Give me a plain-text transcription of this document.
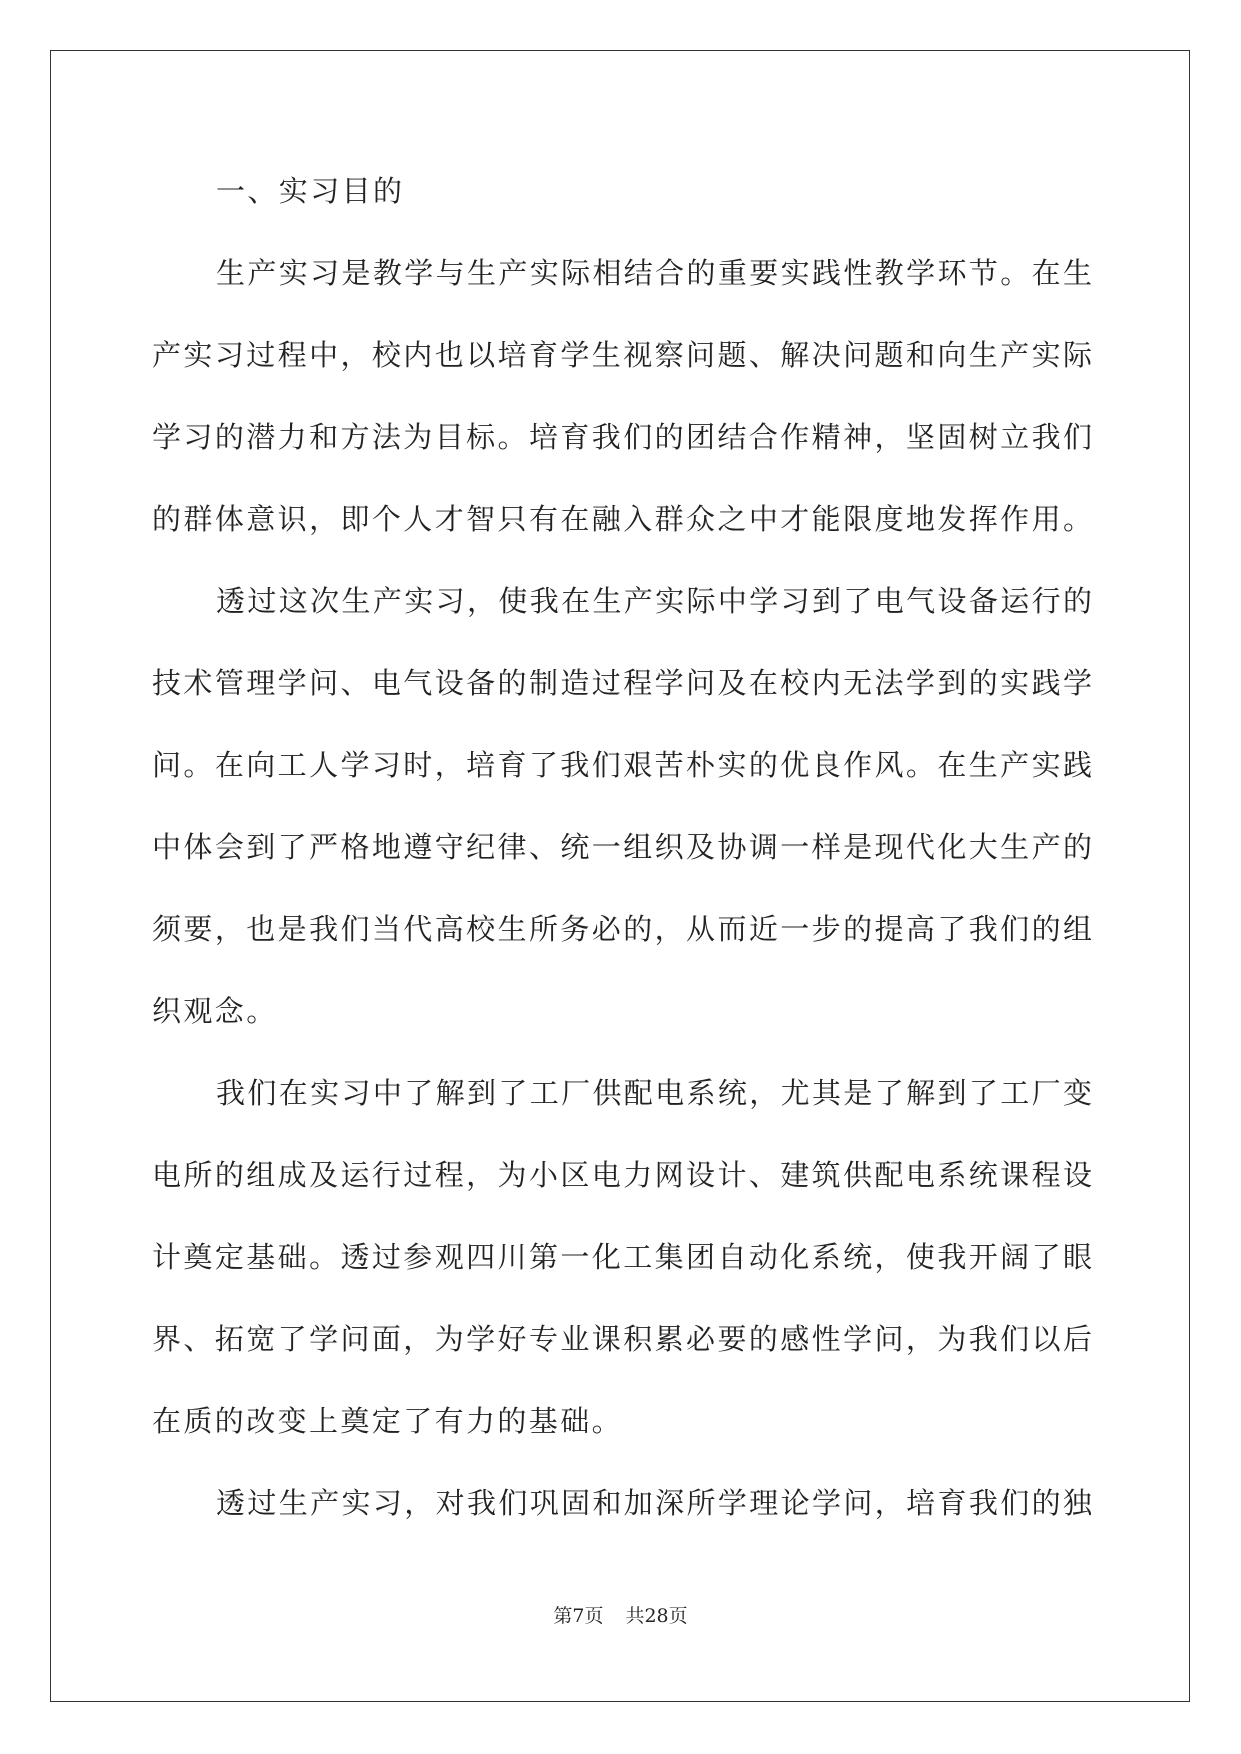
一、实习目的
生产实习是教学与生产实际相结合的重要实践性教学环节。在生
产实习过程中，校内也以培育学生视察问题、解决问题和向生产实际
学习的潜力和方法为目标。培育我们的团结合作精神，坚固树立我们
的群体意识，即个人才智只有在融入群众之中才能限度地发挥作用。
透过这次生产实习，使我在生产实际中学习到了电气设备运行的
技术管理学问、电气设备的制造过程学问及在校内无法学到的实践学
问。在向工人学习时，培育了我们艰苦朴实的优良作风。在生产实践
中体会到了严格地遵守纪律、统一组织及协调一样是现代化大生产的
须要，也是我们当代高校生所务必的，从而近一步的提高了我们的组
织观念。
我们在实习中了解到了工厂供配电系统，尤其是了解到了工厂变
电所的组成及运行过程，为小区电力网设计、建筑供配电系统课程设
计奠定基础。透过参观四川第一化工集团自动化系统，使我开阔了眼
界、拓宽了学问面，为学好专业课积累必要的感性学问，为我们以后
在质的改变上奠定了有力的基础。
透过生产实习，对我们巩固和加深所学理论学问，培育我们的独
第7页 共28页
